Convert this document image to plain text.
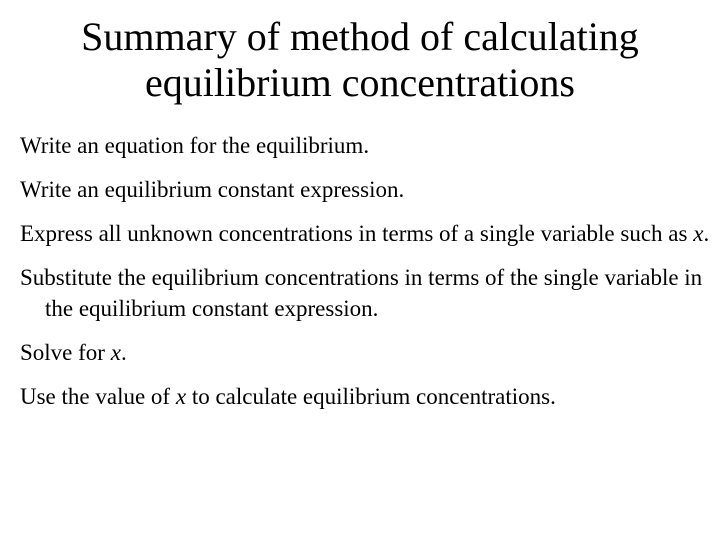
Summary of method of calculating
equilibrium concentrations
Write an equation for the equilibrium.
Write an equilibrium constant expression.
Express all unknown concentrations in terms of a single variable such as x.
Substitute the equilibrium concentrations in terms of the single variable in the equilibrium constant expression.
Solve for x.
Use the value of x to calculate equilibrium concentrations.
